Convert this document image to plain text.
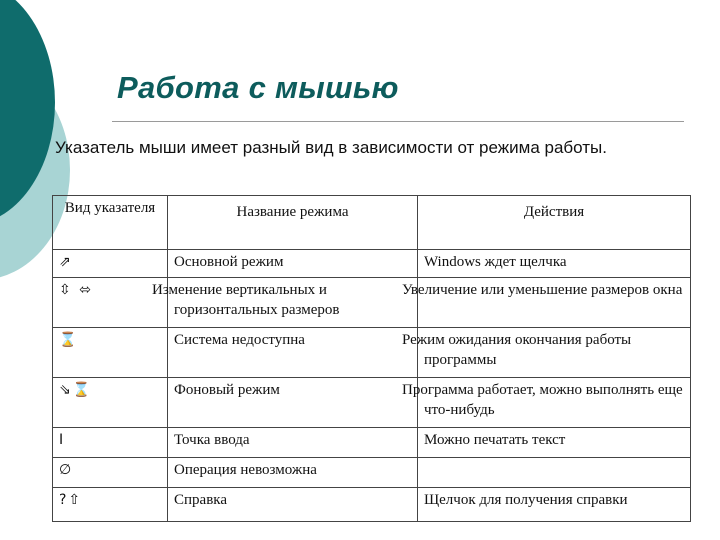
Работа с мышью
Указатель мыши имеет разный вид в зависимости от режима работы.
Вид указателя	Название режима	Действия
⇗	Основной режим	Windows ждет щелчка
⇳ ⬄	Изменение вертикальных и горизонтальных размеров	Увеличение или уменьшение размеров окна
⌛	Система недоступна	Режим ожидания окончания работы программы
⇘⌛	Фоновый режим	Программа работает, можно выполнять еще что-нибудь
I	Точка ввода	Можно печатать текст
∅	Операция невозможна	
?⇧	Справка	Щелчок для получения справки
